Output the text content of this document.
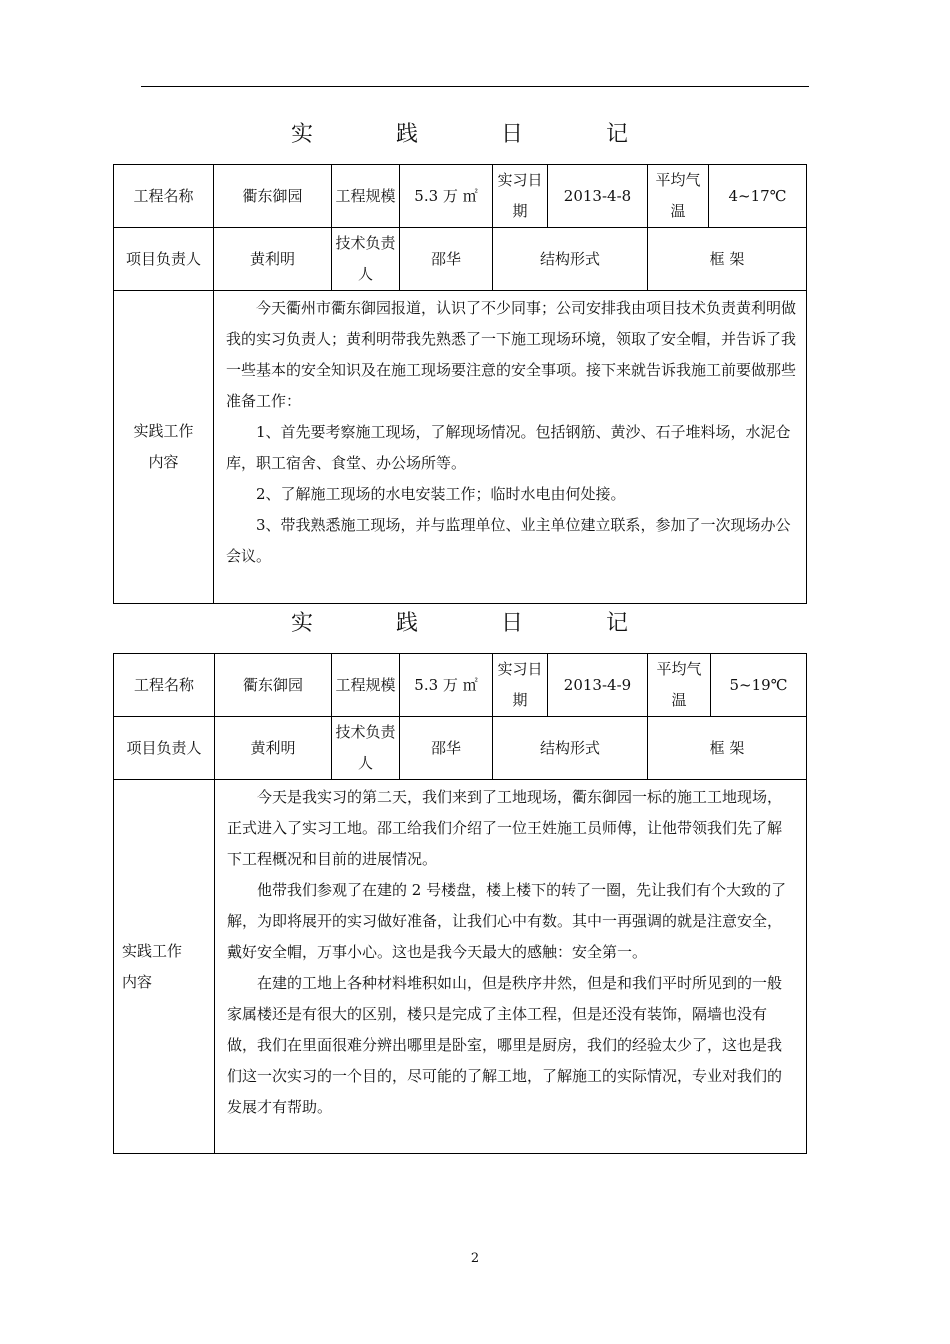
实 践 日 记
工程名称	衢东御园	工程规模	5.3 万 ㎡	实习日期	2013-4-8	平均气温	4~17℃
项目负责人	黄利明	技术负责人	邵华	结构形式		框 架	
实践工作内容	今天衢州市衢东御园报道，认识了不少同事；公司安排我由项目技术负责黄利明做我的实习负责人；黄利明带我先熟悉了一下施工现场环境，领取了安全帽，并告诉了我一些基本的安全知识及在施工现场要注意的安全事项。接下来就告诉我施工前要做那些准备工作：

1、首先要考察施工现场，了解现场情况。包括钢筋、黄沙、石子堆料场，水泥仓库，职工宿舍、食堂、办公场所等。

2、了解施工现场的水电安装工作；临时水电由何处接。

3、带我熟悉施工现场，并与监理单位、业主单位建立联系，参加了一次现场办公会议。						

实 践 日 记
工程名称	衢东御园	工程规模	5.3 万 ㎡	实习日期	2013-4-9	平均气温	5~19℃
项目负责人	黄利明	技术负责人	邵华	结构形式		框 架	
实践工作内容	今天是我实习的第二天，我们来到了工地现场，衢东御园一标的施工工地现场，正式进入了实习工地。邵工给我们介绍了一位王姓施工员师傅，让他带领我们先了解下工程概况和目前的进展情况。

他带我们参观了在建的 2 号楼盘，楼上楼下的转了一圈，先让我们有个大致的了解，为即将展开的实习做好准备，让我们心中有数。其中一再强调的就是注意安全，戴好安全帽，万事小心。这也是我今天最大的感触：安全第一。

在建的工地上各种材料堆积如山，但是秩序井然，但是和我们平时所见到的一般家属楼还是有很大的区别，楼只是完成了主体工程，但是还没有装饰，隔墙也没有做，我们在里面很难分辨出哪里是卧室，哪里是厨房，我们的经验太少了，这也是我们这一次实习的一个目的，尽可能的了解工地，了解施工的实际情况，专业对我们的发展才有帮助。						

2
